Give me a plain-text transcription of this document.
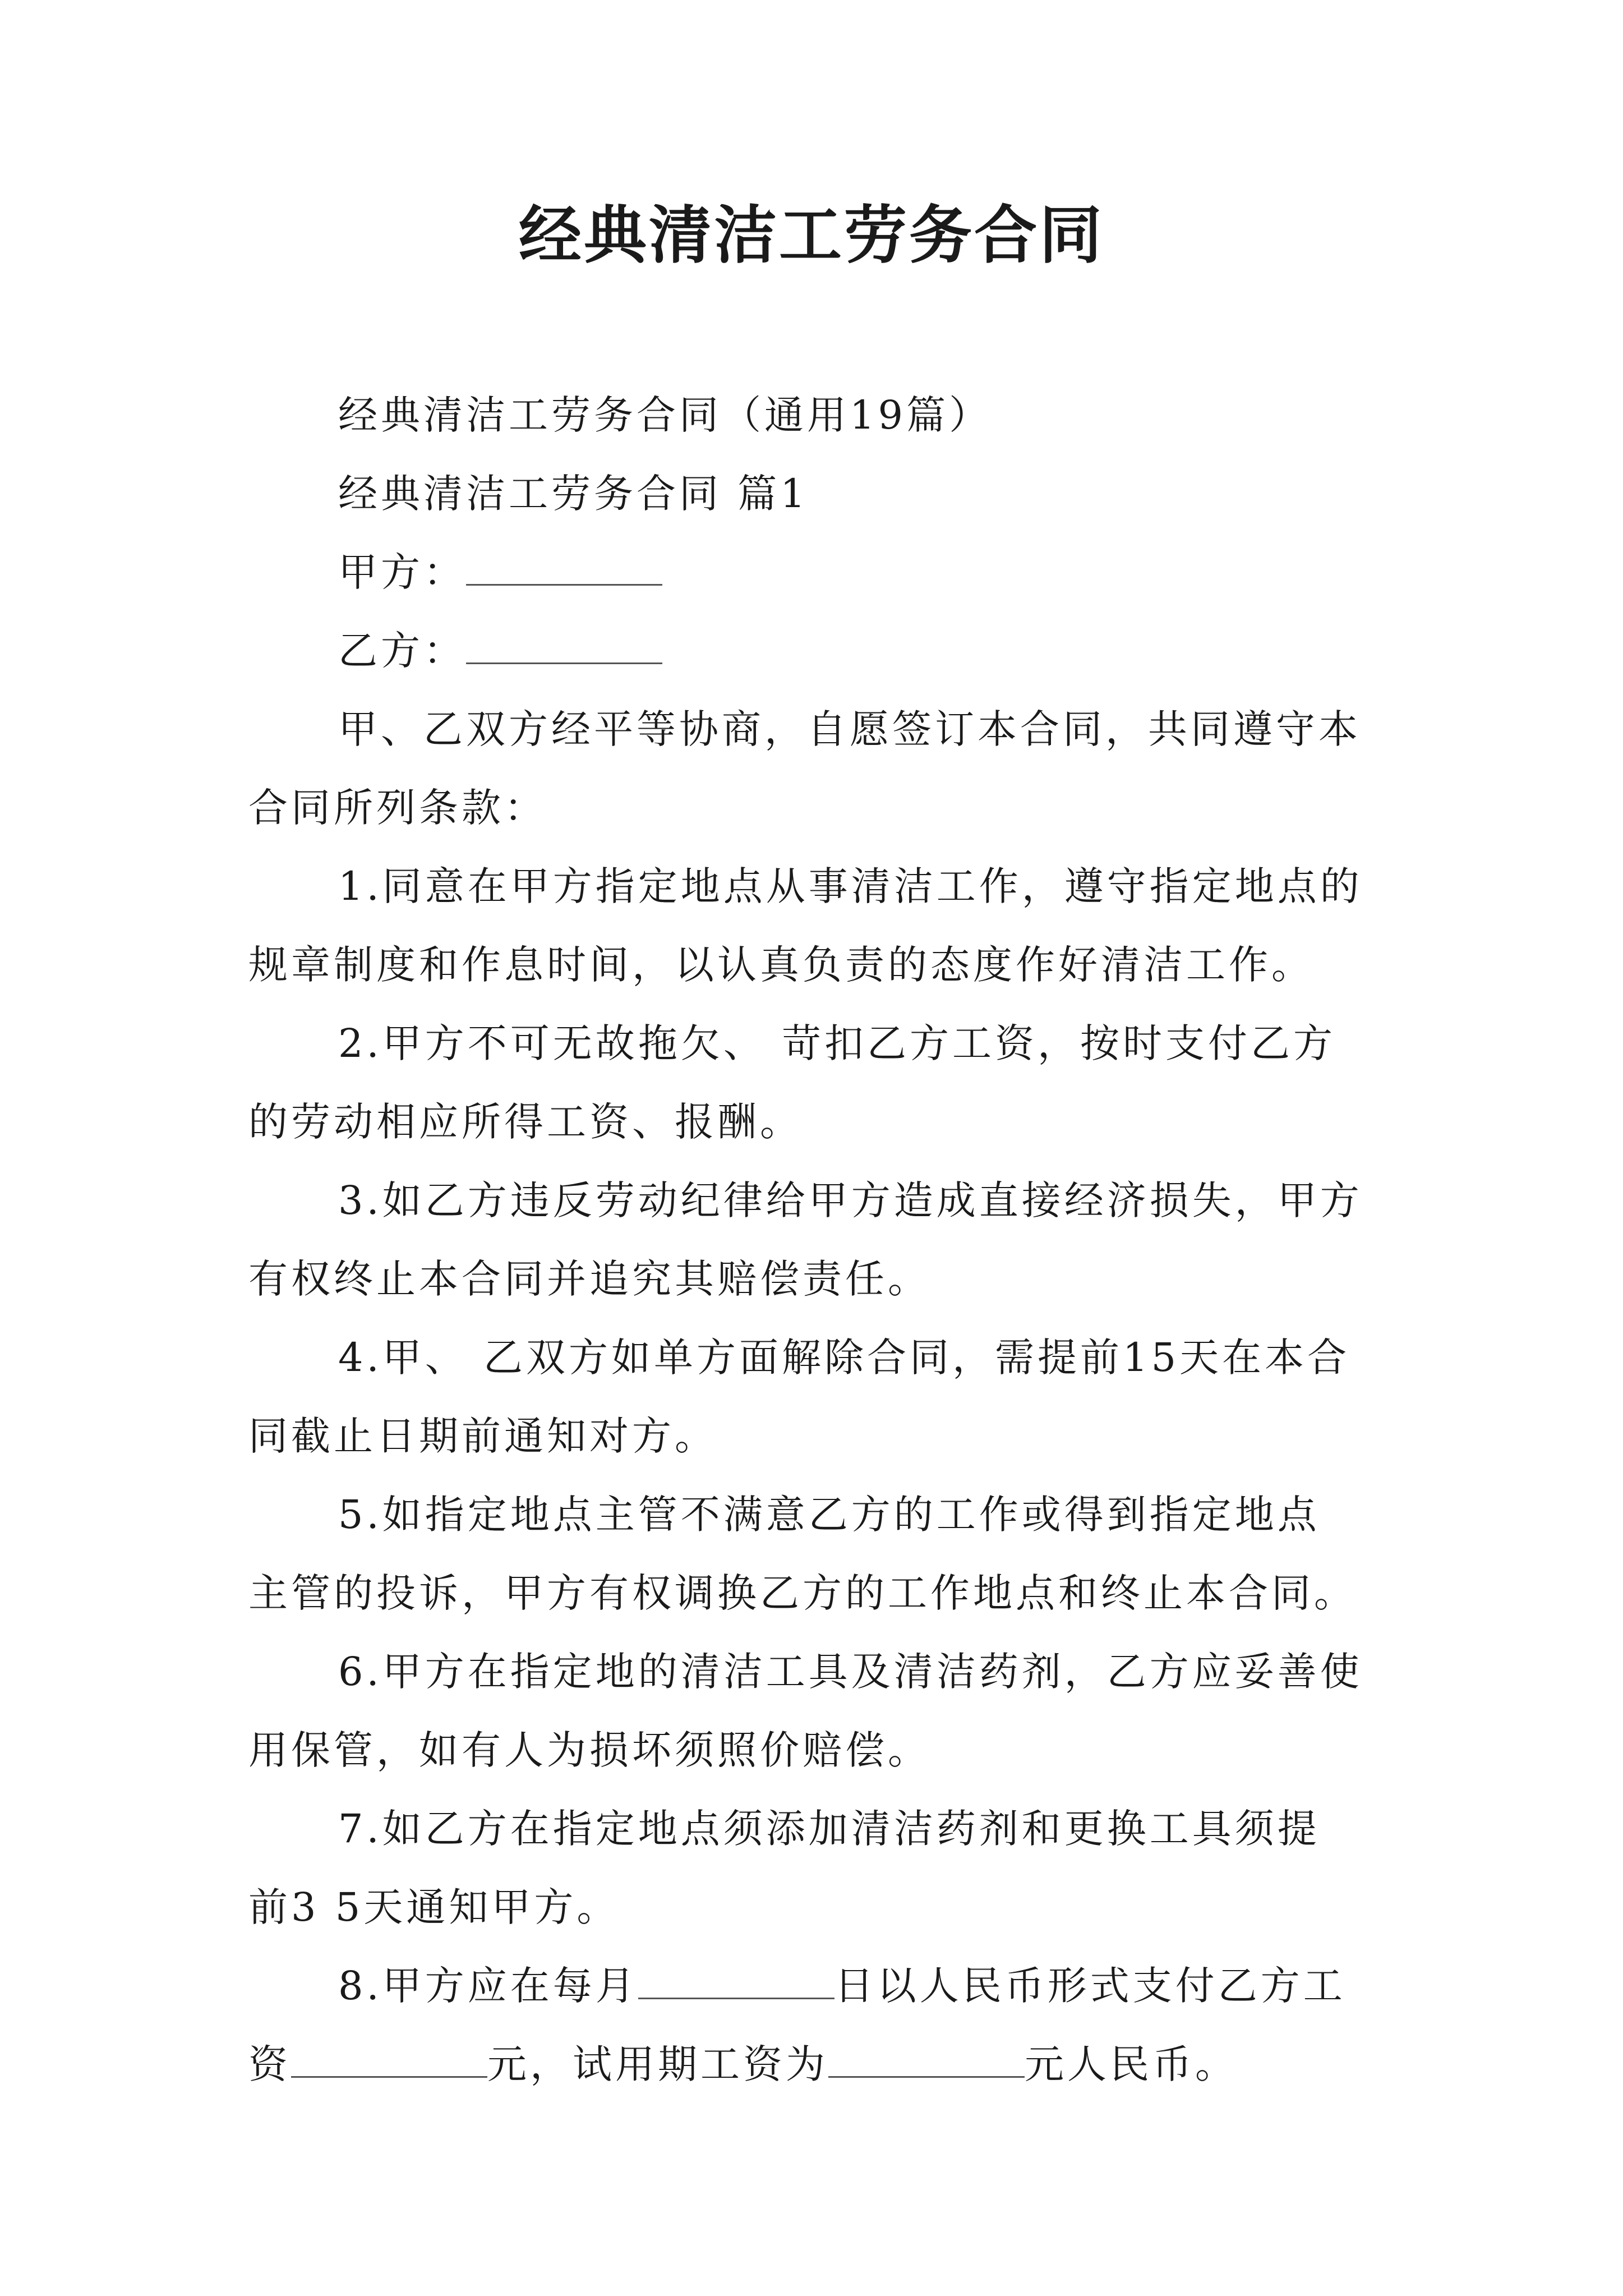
经典清洁工劳务合同
经典清洁工劳务合同（通用19篇）
经典清洁工劳务合同 篇1
甲方：
乙方：
甲、乙双方经平等协商，自愿签订本合同，共同遵守本
合同所列条款：
1.同意在甲方指定地点从事清洁工作，遵守指定地点的
规章制度和作息时间，以认真负责的态度作好清洁工作。
2.甲方不可无故拖欠、 苛扣乙方工资，按时支付乙方
的劳动相应所得工资、报酬。
3.如乙方违反劳动纪律给甲方造成直接经济损失，甲方
有权终止本合同并追究其赔偿责任。
4.甲、 乙双方如单方面解除合同，需提前15天在本合
同截止日期前通知对方。
5.如指定地点主管不满意乙方的工作或得到指定地点
主管的投诉，甲方有权调换乙方的工作地点和终止本合同。
6.甲方在指定地的清洁工具及清洁药剂，乙方应妥善使
用保管，如有人为损坏须照价赔偿。
7.如乙方在指定地点须添加清洁药剂和更换工具须提
前3 5天通知甲方。
8.甲方应在每月	日以人民币形式支付乙方工
资	元，试用期工资为	元人民币。
